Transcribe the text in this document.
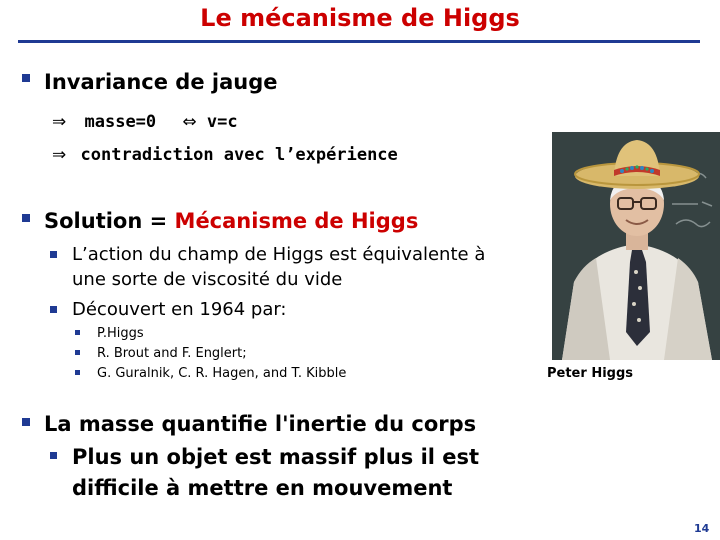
Le mécanisme de Higgs
Invariance de jauge
⇒ masse=0 ⇔ v=c
⇒ contradiction avec l’expérience
Solution = Mécanisme de Higgs
L’action du champ de Higgs est équivalente à
une sorte de viscosité du vide
Découvert en 1964 par:
P.Higgs
R. Brout and F. Englert;
G. Guralnik, C. R. Hagen, and T. Kibble
La masse quantifie l'inertie du corps
Plus un objet est massif plus il est
difficile à mettre en mouvement
Peter Higgs
14
